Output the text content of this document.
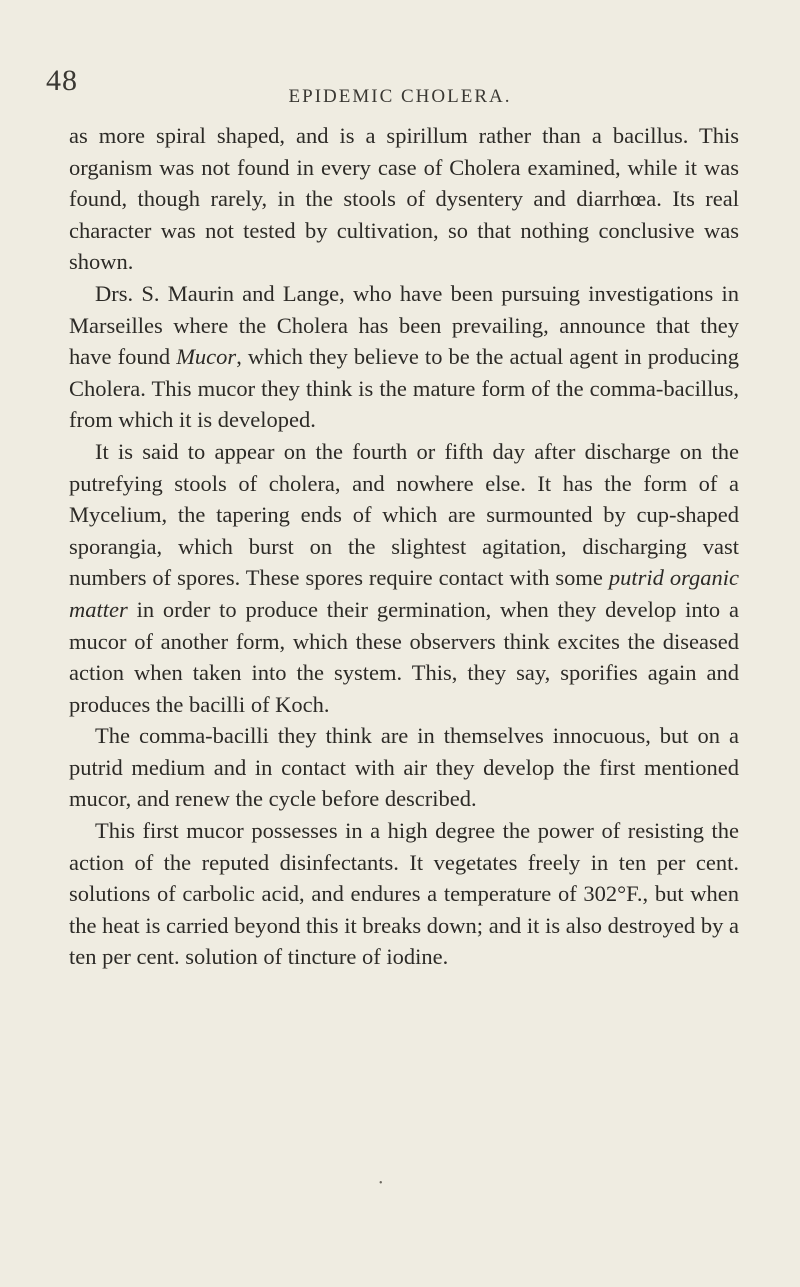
48	EPIDEMIC CHOLERA.

as more spiral shaped, and is a spirillum rather than a bacillus. This organism was not found in every case of Cholera examined, while it was found, though rarely, in the stools of dysentery and diarrhœa. Its real character was not tested by cultivation, so that nothing conclusive was shown.

Drs. S. Maurin and Lange, who have been pursuing investigations in Marseilles where the Cholera has been prevailing, announce that they have found Mucor, which they believe to be the actual agent in producing Cholera. This mucor they think is the mature form of the comma-bacillus, from which it is developed.

It is said to appear on the fourth or fifth day after discharge on the putrefying stools of cholera, and nowhere else. It has the form of a Mycelium, the tapering ends of which are surmounted by cup-shaped sporangia, which burst on the slightest agitation, discharging vast numbers of spores. These spores require contact with some putrid organic matter in order to produce their germination, when they develop into a mucor of another form, which these observers think excites the diseased action when taken into the system. This, they say, sporifies again and produces the bacilli of Koch.

The comma-bacilli they think are in themselves innocuous, but on a putrid medium and in contact with air they develop the first mentioned mucor, and renew the cycle before described.

This first mucor possesses in a high degree the power of resisting the action of the reputed disinfectants. It vegetates freely in ten per cent. solutions of carbolic acid, and endures a temperature of 302°F., but when the heat is carried beyond this it breaks down; and it is also destroyed by a ten per cent. solution of tincture of iodine.

•
